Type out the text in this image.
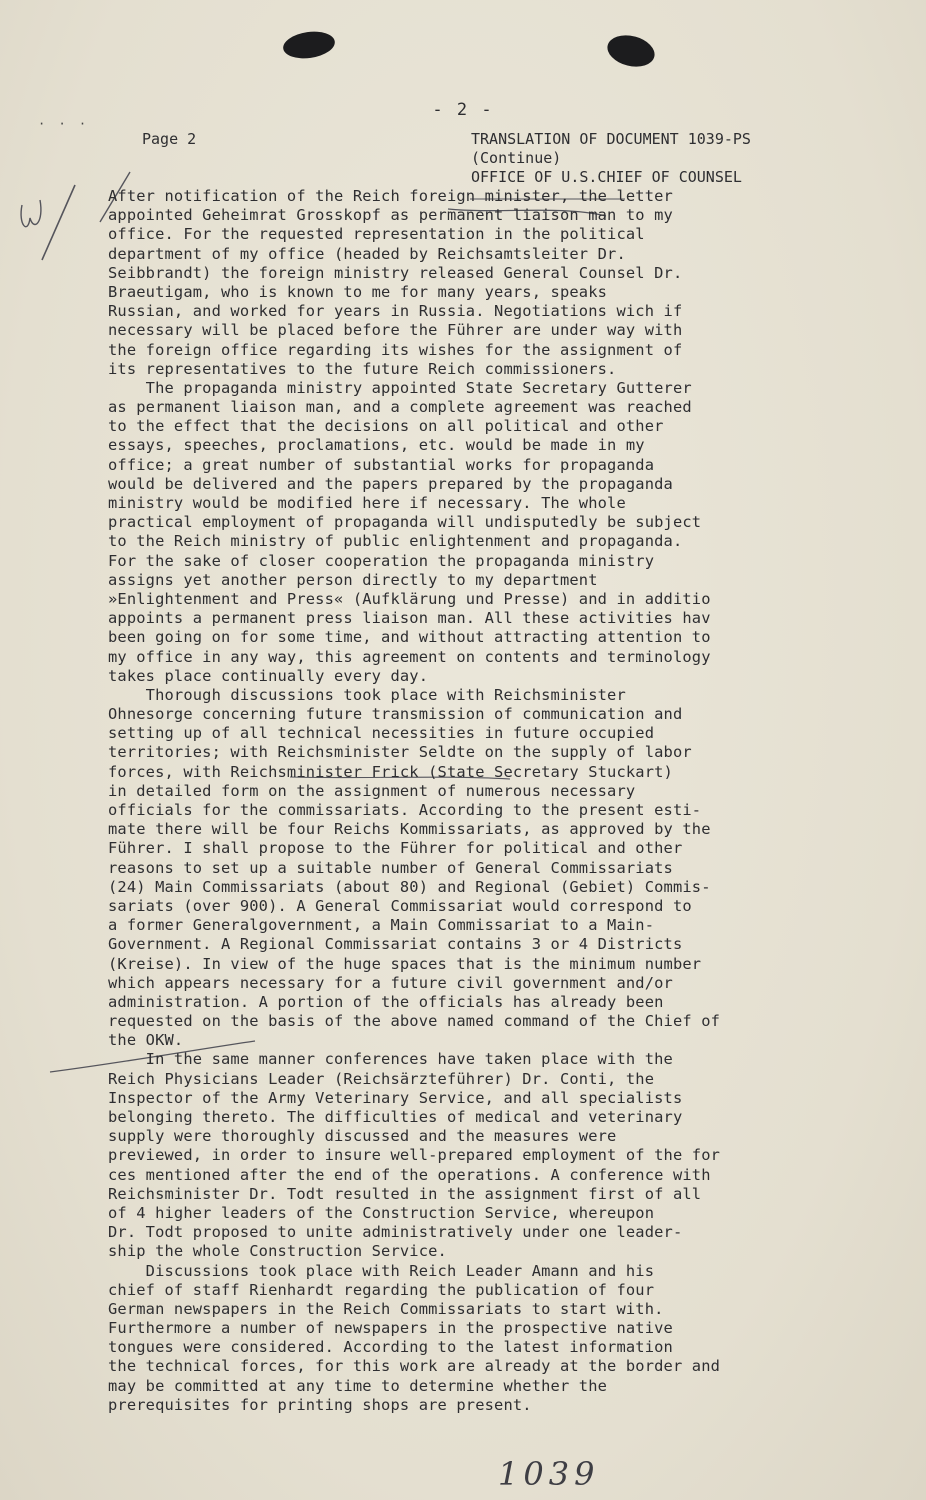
- 2 -
· · ·
Page 2	TRANSLATION OF DOCUMENT 1039-PS
(Continue)
OFFICE OF U.S.CHIEF OF COUNSEL
After notification of the Reich foreign minister, the letter
appointed Geheimrat Grosskopf as permanent liaison man to my
office. For the requested representation in the political
department of my office (headed by Reichsamtsleiter Dr.
Seibbrandt) the foreign ministry released General Counsel Dr.
Braeutigam, who is known to me for many years, speaks
Russian, and worked for years in Russia. Negotiations wich if
necessary will be placed before the Führer are under way with
the foreign office regarding its wishes for the assignment of
its representatives to the future Reich commissioners.
The propaganda ministry appointed State Secretary Gutterer
as permanent liaison man, and a complete agreement was reached
to the effect that the decisions on all political and other
essays, speeches, proclamations, etc. would be made in my
office; a great number of substantial works for propaganda
would be delivered and the papers prepared by the propaganda
ministry would be modified here if necessary. The whole
practical employment of propaganda will undisputedly be subject
to the Reich ministry of public enlightenment and propaganda.
For the sake of closer cooperation the propaganda ministry
assigns yet another person directly to my department
»Enlightenment and Press« (Aufklärung und Presse) and in additio
appoints a permanent press liaison man. All these activities hav
been going on for some time, and without attracting attention to
my office in any way, this agreement on contents and terminology
takes place continually every day.
Thorough discussions took place with Reichsminister
Ohnesorge concerning future transmission of communication and
setting up of all technical necessities in future occupied
territories; with Reichsminister Seldte on the supply of labor
forces, with Reichsminister Frick (State Secretary Stuckart)
in detailed form on the assignment of numerous necessary
officials for the commissariats. According to the present esti-
mate there will be four Reichs Kommissariats, as approved by the
Führer. I shall propose to the Führer for political and other
reasons to set up a suitable number of General Commissariats
(24) Main Commissariats (about 80) and Regional (Gebiet) Commis-
sariats (over 900). A General Commissariat would correspond to
a former Generalgovernment, a Main Commissariat to a Main-
Government. A Regional Commissariat contains 3 or 4 Districts
(Kreise). In view of the huge spaces that is the minimum number
which appears necessary for a future civil government and/or
administration. A portion of the officials has already been
requested on the basis of the above named command of the Chief of
the OKW.
In the same manner conferences have taken place with the
Reich Physicians Leader (Reichsärzteführer) Dr. Conti, the
Inspector of the Army Veterinary Service, and all specialists
belonging thereto. The difficulties of medical and veterinary
supply were thoroughly discussed and the measures were
previewed, in order to insure well-prepared employment of the for
ces mentioned after the end of the operations. A conference with
Reichsminister Dr. Todt resulted in the assignment first of all
of 4 higher leaders of the Construction Service, whereupon
Dr. Todt proposed to unite administratively under one leader-
ship the whole Construction Service.
Discussions took place with Reich Leader Amann and his
chief of staff Rienhardt regarding the publication of four
German newspapers in the Reich Commissariats to start with.
Furthermore a number of newspapers in the prospective native
tongues were considered. According to the latest information
the technical forces, for this work are already at the border and
may be committed at any time to determine whether the
prerequisites for printing shops are present.
1039
